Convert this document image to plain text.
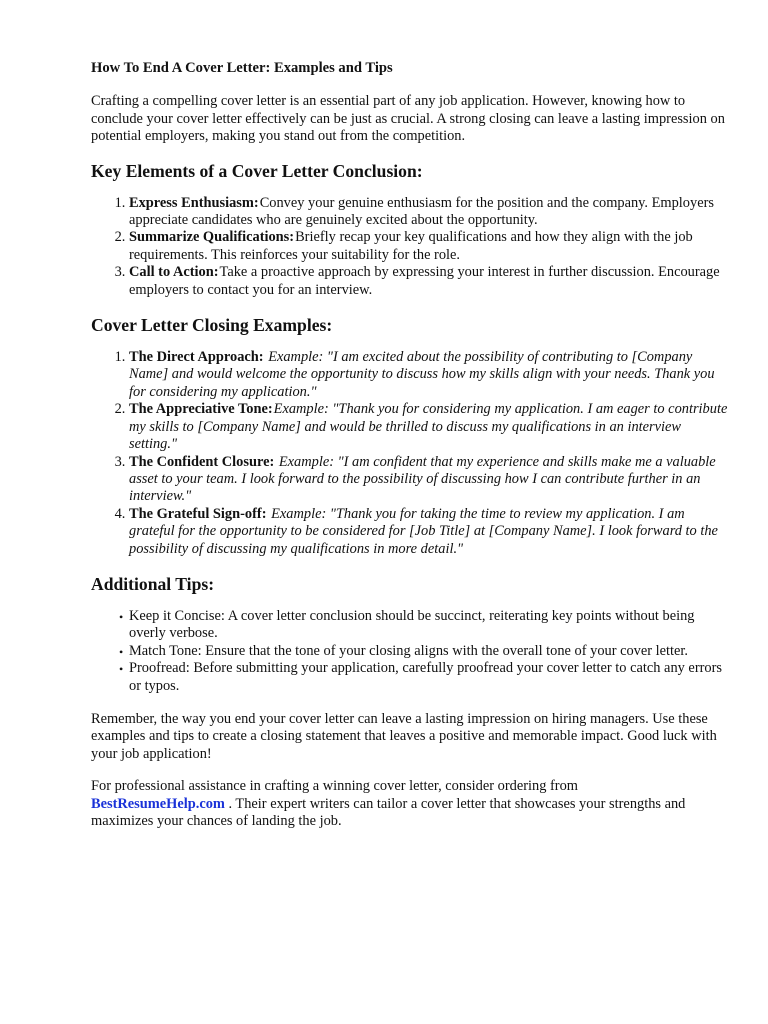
How To End A Cover Letter: Examples and Tips

Crafting a compelling cover letter is an essential part of any job application. However, knowing how to conclude your cover letter effectively can be just as crucial. A strong closing can leave a lasting impression on potential employers, making you stand out from the competition.

Key Elements of a Cover Letter Conclusion:
1. Express Enthusiasm:Convey your genuine enthusiasm for the position and the company. Employers appreciate candidates who are genuinely excited about the opportunity.
2. Summarize Qualifications:Briefly recap your key qualifications and how they align with the job requirements. This reinforces your suitability for the role.
3. Call to Action:Take a proactive approach by expressing your interest in further discussion. Encourage employers to contact you for an interview.
Cover Letter Closing Examples:
1. The Direct Approach: Example: "I am excited about the possibility of contributing to [Company Name] and would welcome the opportunity to discuss how my skills align with your needs. Thank you for considering my application."
2. The Appreciative Tone:Example: "Thank you for considering my application. I am eager to contribute my skills to [Company Name] and would be thrilled to discuss my qualifications in an interview setting."
3. The Confident Closure: Example: "I am confident that my experience and skills make me a valuable asset to your team. I look forward to the possibility of discussing how I can contribute further in an interview."
4. The Grateful Sign-off: Example: "Thank you for taking the time to review my application. I am grateful for the opportunity to be considered for [Job Title] at [Company Name]. I look forward to the possibility of discussing my qualifications in more detail."
Additional Tips:
• Keep it Concise: A cover letter conclusion should be succinct, reiterating key points without being overly verbose.
• Match Tone: Ensure that the tone of your closing aligns with the overall tone of your cover letter.
• Proofread: Before submitting your application, carefully proofread your cover letter to catch any errors or typos.

Remember, the way you end your cover letter can leave a lasting impression on hiring managers. Use these examples and tips to create a closing statement that leaves a positive and memorable impact. Good luck with your job application!

For professional assistance in crafting a winning cover letter, consider ordering from
BestResumeHelp.com . Their expert writers can tailor a cover letter that showcases your strengths and maximizes your chances of landing the job.
